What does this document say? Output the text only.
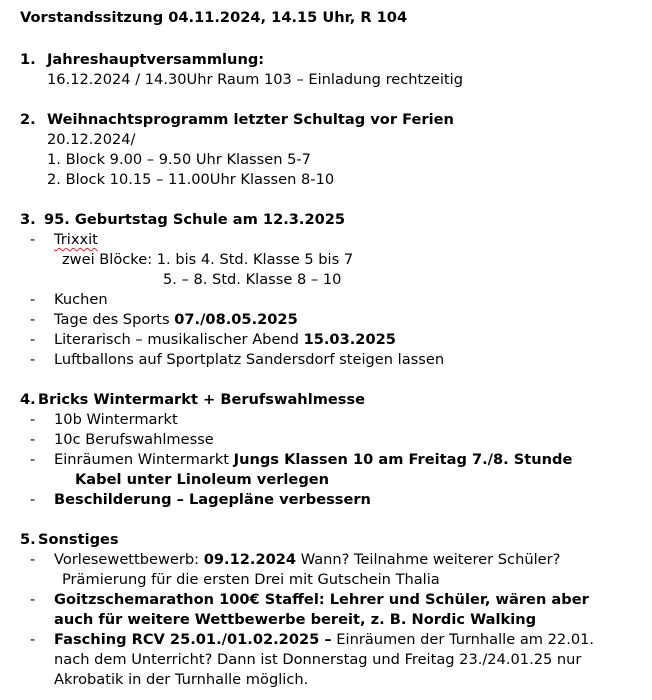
Vorstandssitzung 04.11.2024, 14.15 Uhr, R 104
1. Jahreshauptversammlung:
16.12.2024 / 14.30Uhr Raum 103 – Einladung rechtzeitig
2. Weihnachtsprogramm letzter Schultag vor Ferien
20.12.2024/
1. Block 9.00 – 9.50 Uhr Klassen 5-7
2. Block 10.15 – 11.00Uhr Klassen 8-10
3. 95. Geburtstag Schule am 12.3.2025
- Trixxit
zwei Blöcke: 1. bis 4. Std. Klasse 5 bis 7
5. – 8. Std. Klasse 8 – 10
- Kuchen
- Tage des Sports 07./08.05.2025
- Literarisch – musikalischer Abend 15.03.2025
- Luftballons auf Sportplatz Sandersdorf steigen lassen
4. Bricks Wintermarkt + Berufswahlmesse
- 10b Wintermarkt
- 10c Berufswahlmesse
- Einräumen Wintermarkt Jungs Klassen 10 am Freitag 7./8. Stunde
Kabel unter Linoleum verlegen
- Beschilderung – Lagepläne verbessern
5. Sonstiges
- Vorlesewettbewerb: 09.12.2024 Wann? Teilnahme weiterer Schüler?
Prämierung für die ersten Drei mit Gutschein Thalia
- Goitzschemarathon 100€ Staffel: Lehrer und Schüler, wären aber
auch für weitere Wettbewerbe bereit, z. B. Nordic Walking
- Fasching RCV 25.01./01.02.2025 – Einräumen der Turnhalle am 22.01.
nach dem Unterricht? Dann ist Donnerstag und Freitag 23./24.01.25 nur
Akrobatik in der Turnhalle möglich.
